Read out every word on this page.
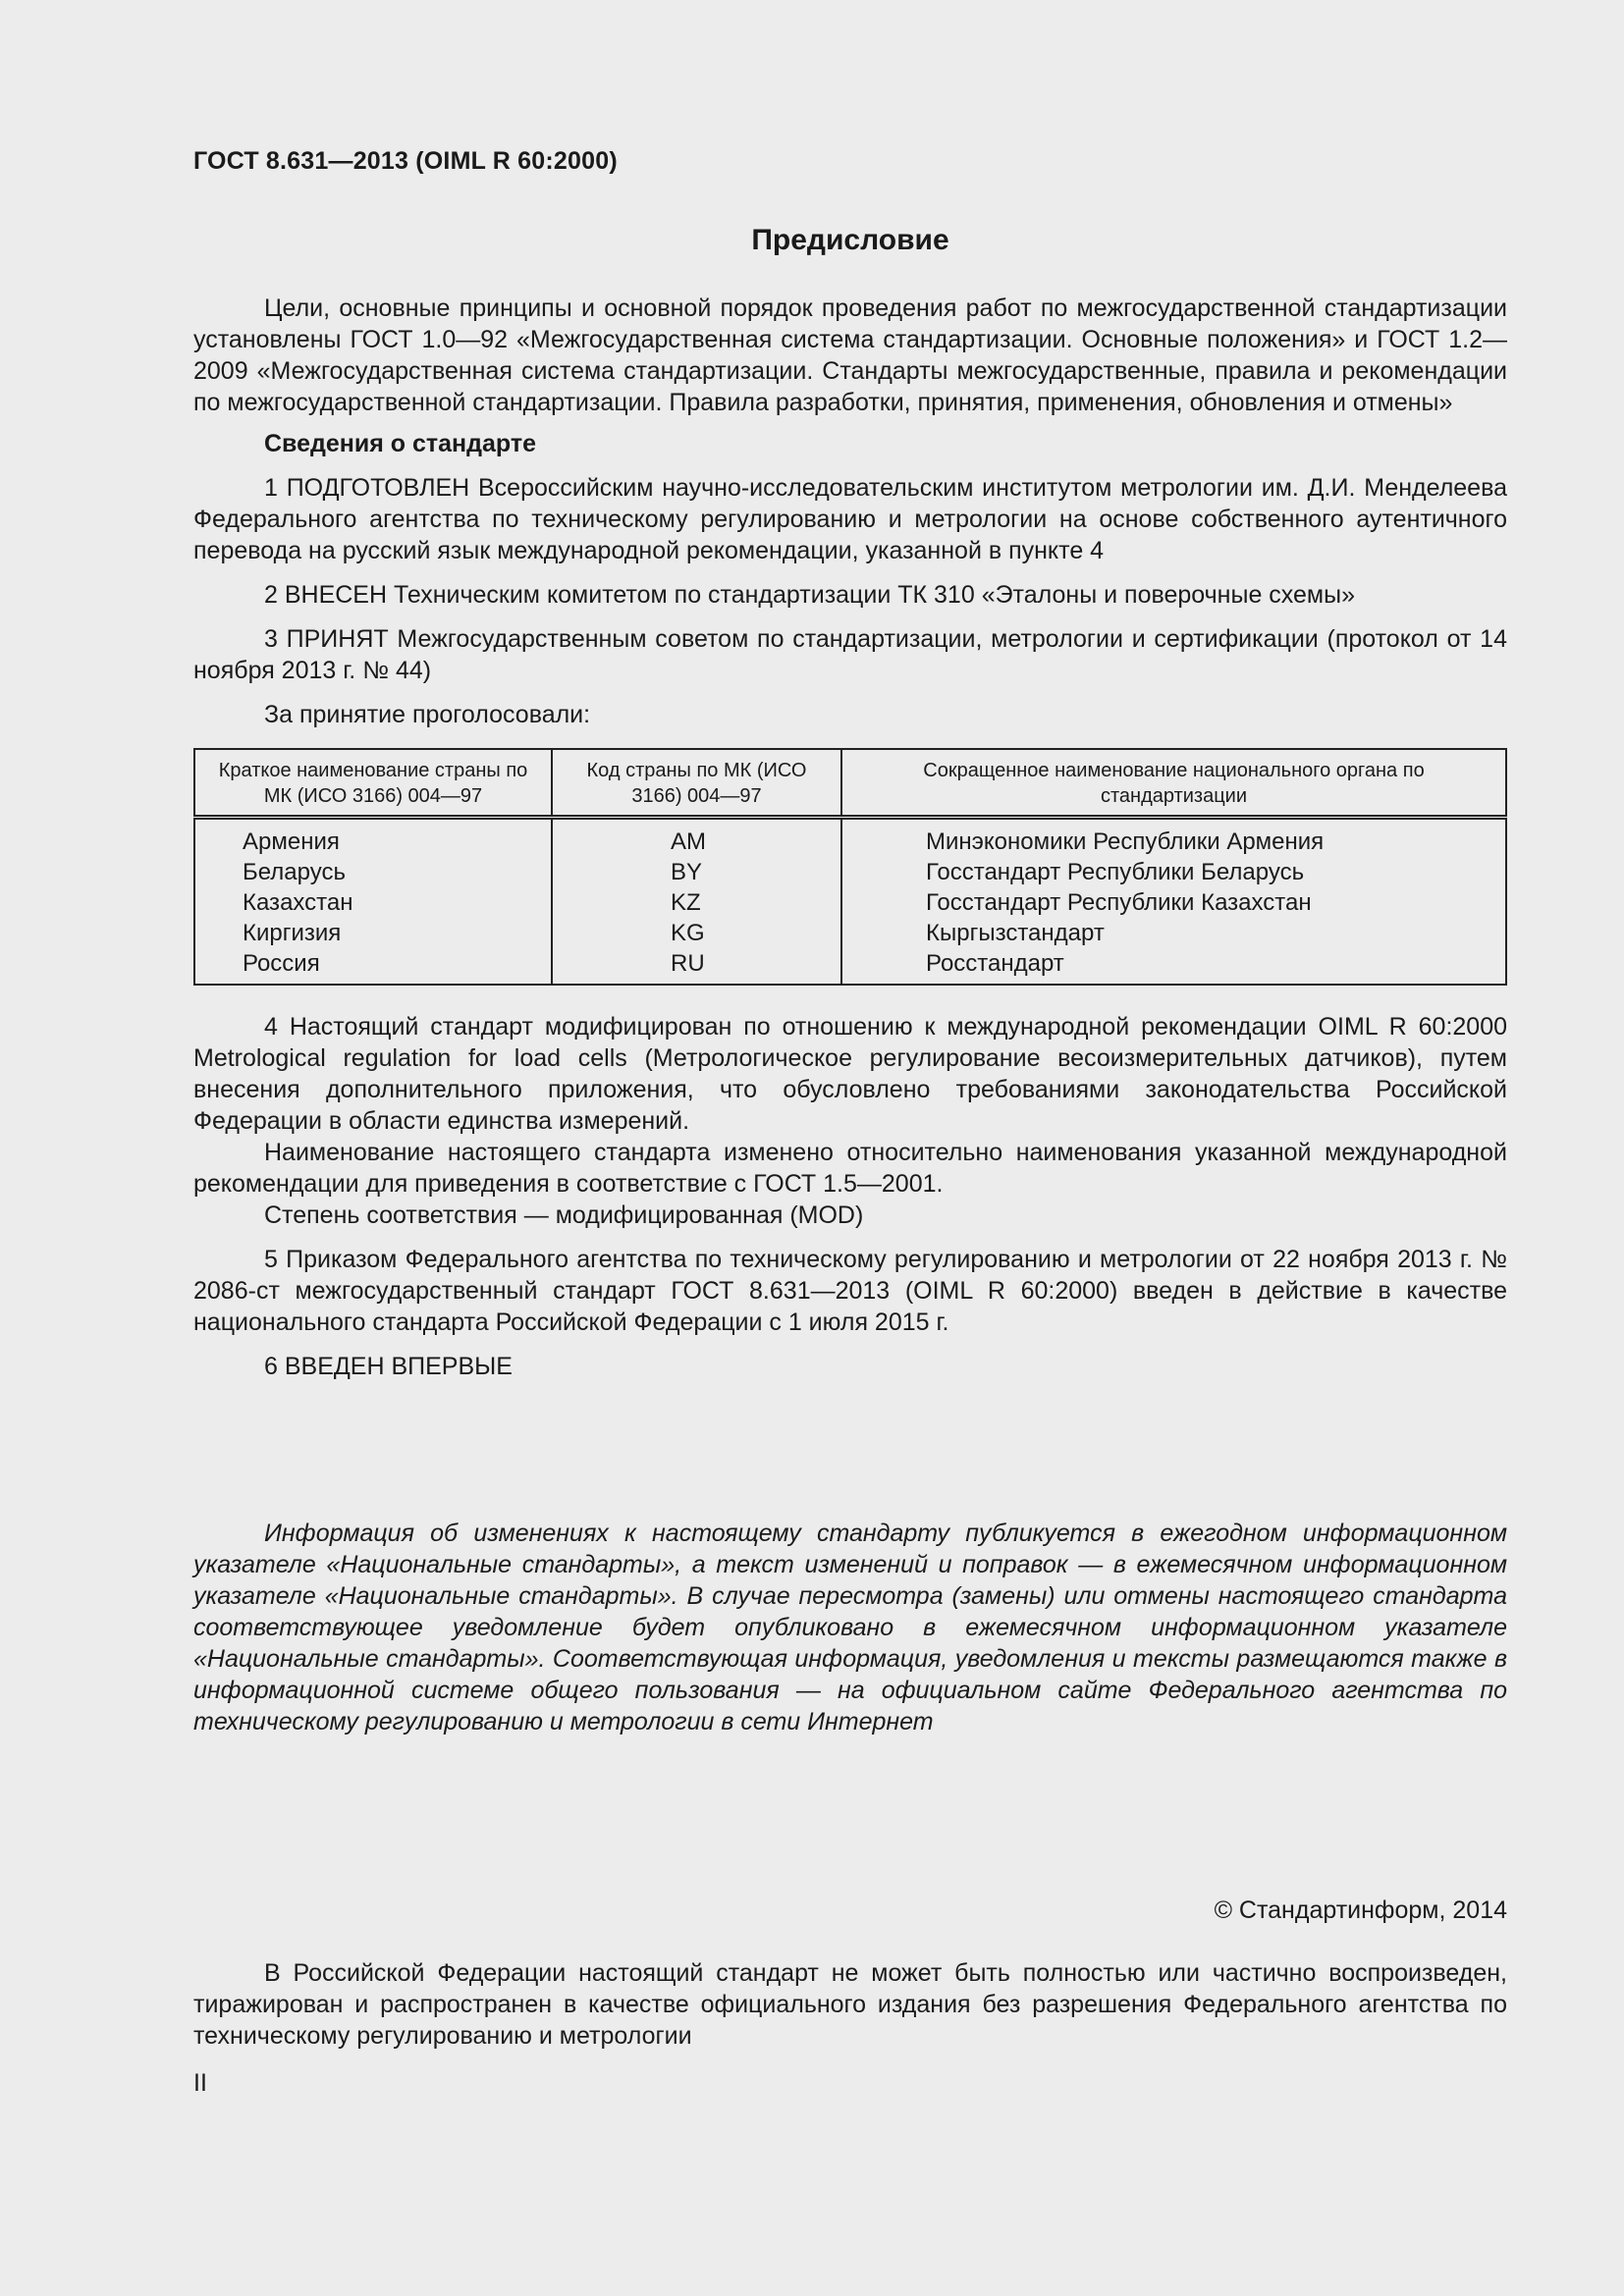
ГОСТ 8.631—2013 (OIML R 60:2000)
Предисловие

Цели, основные принципы и основной порядок проведения работ по межгосударственной стандартизации установлены ГОСТ 1.0—92 «Межгосударственная система стандартизации. Основные положения» и ГОСТ 1.2—2009 «Межгосударственная система стандартизации. Стандарты межгосударственные, правила и рекомендации по межгосударственной стандартизации. Правила разработки, принятия, применения, обновления и отмены»

Сведения о стандарте

1 ПОДГОТОВЛЕН Всероссийским научно-исследовательским институтом метрологии им. Д.И. Менделеева Федерального агентства по техническому регулированию и метрологии на основе собственного аутентичного перевода на русский язык международной рекомендации, указанной в пункте 4

2 ВНЕСЕН Техническим комитетом по стандартизации ТК 310 «Эталоны и поверочные схемы»

3 ПРИНЯТ Межгосударственным советом по стандартизации, метрологии и сертификации (протокол от 14 ноября 2013 г. № 44)

За принятие проголосовали:

Краткое наименование страны по МК (ИСО 3166) 004—97	Код страны по МК (ИСО 3166) 004—97	Сокращенное наименование национального органа по стандартизации
Армения	AM	Минэкономики Республики Армения
Беларусь	BY	Госстандарт Республики Беларусь
Казахстан	KZ	Госстандарт Республики Казахстан
Киргизия	KG	Кыргызстандарт
Россия	RU	Росстандарт

4 Настоящий стандарт модифицирован по отношению к международной рекомендации OIML R 60:2000 Metrological regulation for load cells (Метрологическое регулирование весоизмерительных датчиков), путем внесения дополнительного приложения, что обусловлено требованиями законодательства Российской Федерации в области единства измерений.

Наименование настоящего стандарта изменено относительно наименования указанной международной рекомендации для приведения в соответствие с ГОСТ 1.5—2001.

Степень соответствия — модифицированная (MOD)

5 Приказом Федерального агентства по техническому регулированию и метрологии от 22 ноября 2013 г. № 2086-ст межгосударственный стандарт ГОСТ 8.631—2013 (OIML R 60:2000) введен в действие в качестве национального стандарта Российской Федерации с 1 июля 2015 г.

6 ВВЕДЕН ВПЕРВЫЕ

Информация об изменениях к настоящему стандарту публикуется в ежегодном информационном указателе «Национальные стандарты», а текст изменений и поправок — в ежемесячном информационном указателе «Национальные стандарты». В случае пересмотра (замены) или отмены настоящего стандарта соответствующее уведомление будет опубликовано в ежемесячном информационном указателе «Национальные стандарты». Соответствующая информация, уведомления и тексты размещаются также в информационной системе общего пользования — на официальном сайте Федерального агентства по техническому регулированию и метрологии в сети Интернет

© Стандартинформ, 2014

В Российской Федерации настоящий стандарт не может быть полностью или частично воспроизведен, тиражирован и распространен в качестве официального издания без разрешения Федерального агентства по техническому регулированию и метрологии

II
